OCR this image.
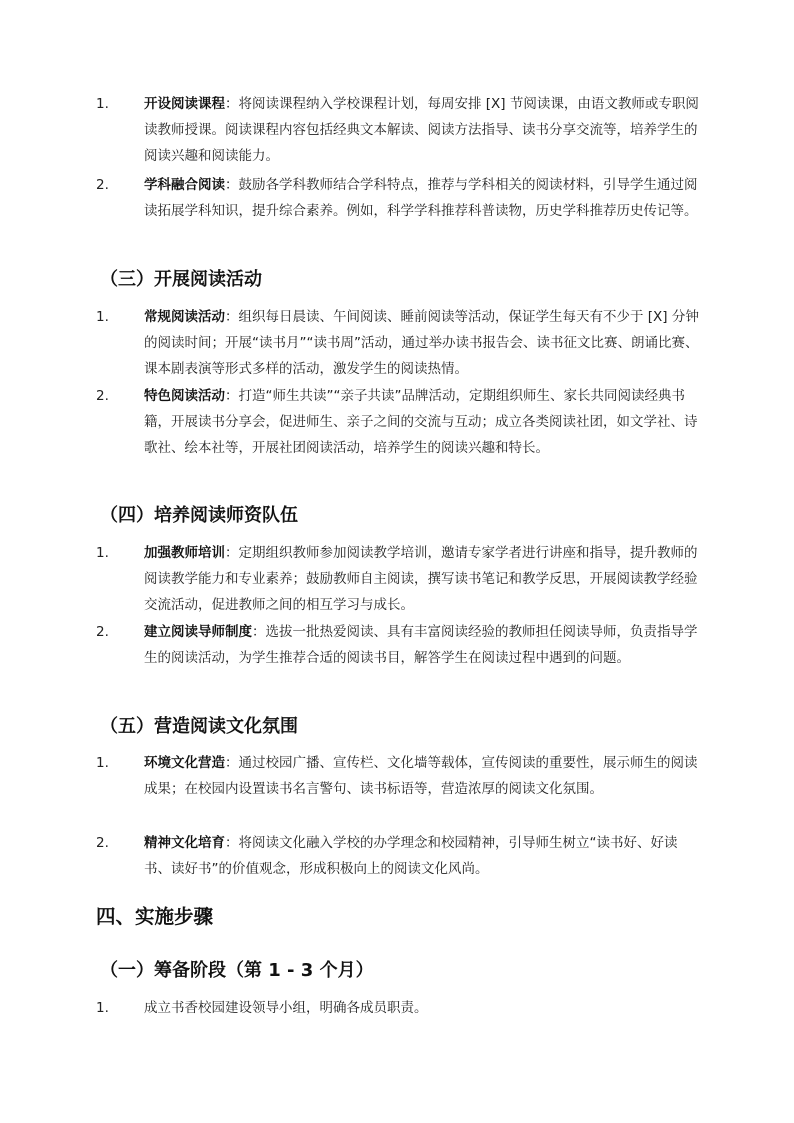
1.	开设阅读课程：将阅读课程纳入学校课程计划，每周安排 [X] 节阅读课，由语文教师或专职阅读教师授课。阅读课程内容包括经典文本解读、阅读方法指导、读书分享交流等，培养学生的阅读兴趣和阅读能力。
2.	学科融合阅读：鼓励各学科教师结合学科特点，推荐与学科相关的阅读材料，引导学生通过阅读拓展学科知识，提升综合素养。例如，科学学科推荐科普读物，历史学科推荐历史传记等。
（三）开展阅读活动
1.	常规阅读活动：组织每日晨读、午间阅读、睡前阅读等活动，保证学生每天有不少于 [X] 分钟的阅读时间；开展“读书月”“读书周”活动，通过举办读书报告会、读书征文比赛、朗诵比赛、课本剧表演等形式多样的活动，激发学生的阅读热情。
2.	特色阅读活动：打造“师生共读”“亲子共读”品牌活动，定期组织师生、家长共同阅读经典书籍，开展读书分享会，促进师生、亲子之间的交流与互动；成立各类阅读社团，如文学社、诗歌社、绘本社等，开展社团阅读活动，培养学生的阅读兴趣和特长。
（四）培养阅读师资队伍
1.	加强教师培训：定期组织教师参加阅读教学培训，邀请专家学者进行讲座和指导，提升教师的阅读教学能力和专业素养；鼓励教师自主阅读，撰写读书笔记和教学反思，开展阅读教学经验交流活动，促进教师之间的相互学习与成长。
2.	建立阅读导师制度：选拔一批热爱阅读、具有丰富阅读经验的教师担任阅读导师，负责指导学生的阅读活动，为学生推荐合适的阅读书目，解答学生在阅读过程中遇到的问题。
（五）营造阅读文化氛围
1.	环境文化营造：通过校园广播、宣传栏、文化墙等载体，宣传阅读的重要性，展示师生的阅读成果；在校园内设置读书名言警句、读书标语等，营造浓厚的阅读文化氛围。
2.	精神文化培育：将阅读文化融入学校的办学理念和校园精神，引导师生树立“读书好、好读书、读好书”的价值观念，形成积极向上的阅读文化风尚。
四、实施步骤
（一）筹备阶段（第 1 - 3 个月）
1.	成立书香校园建设领导小组，明确各成员职责。
